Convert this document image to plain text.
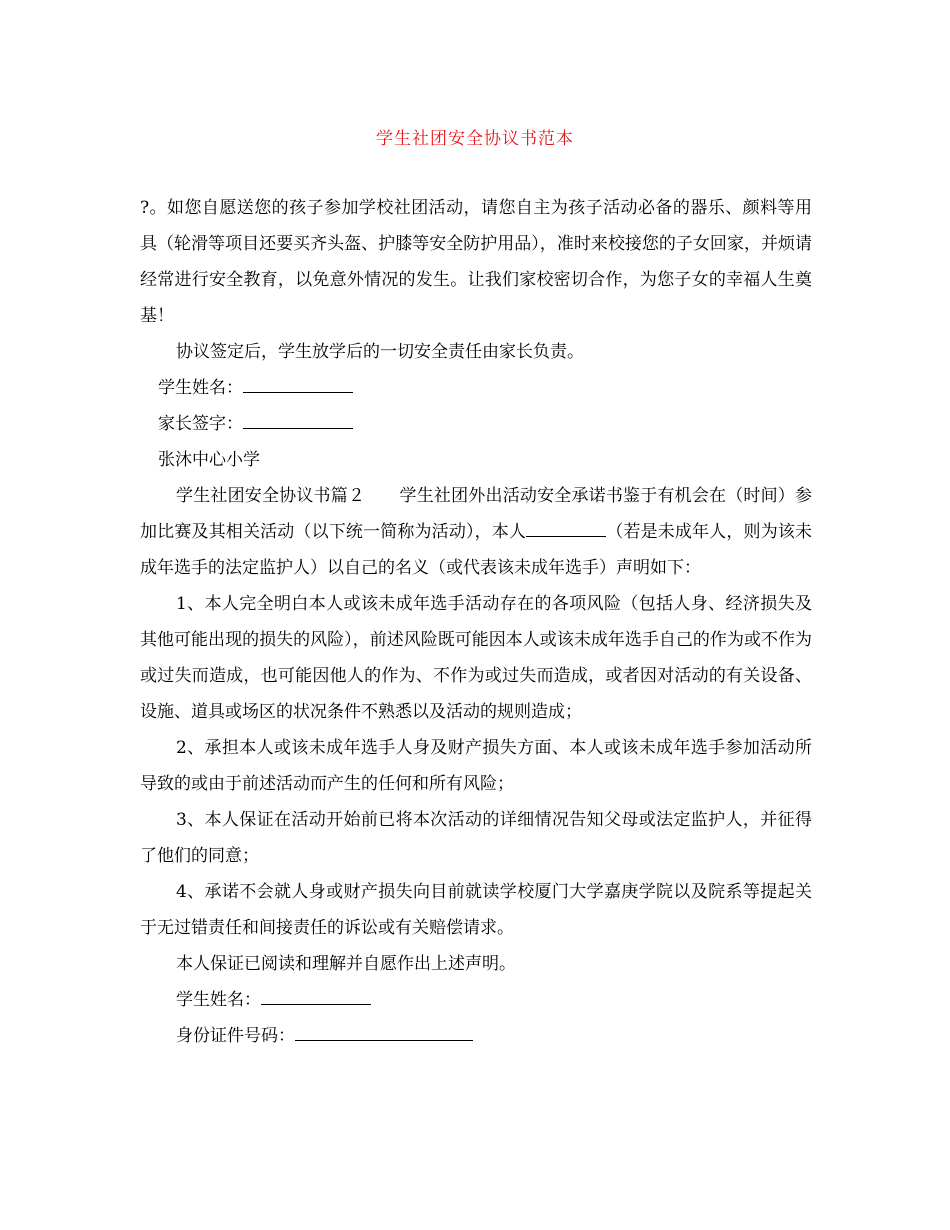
学生社团安全协议书范本

?。如您自愿送您的孩子参加学校社团活动，请您自主为孩子活动必备的器乐、颜料等用具（轮滑等项目还要买齐头盔、护膝等安全防护用品），准时来校接您的子女回家，并烦请经常进行安全教育，以免意外情况的发生。让我们家校密切合作，为您子女的幸福人生奠基！

协议签定后，学生放学后的一切安全责任由家长负责。

学生姓名：

家长签字：

张沐中心小学

学生社团安全协议书篇２　　学生社团外出活动安全承诺书鉴于有机会在（时间）参加比赛及其相关活动（以下统一简称为活动），本人	（若是未成年人，则为该未成年选手的法定监护人）以自己的名义（或代表该未成年选手）声明如下：

1、本人完全明白本人或该未成年选手活动存在的各项风险（包括人身、经济损失及其他可能出现的损失的风险），前述风险既可能因本人或该未成年选手自己的作为或不作为或过失而造成，也可能因他人的作为、不作为或过失而造成，或者因对活动的有关设备、设施、道具或场区的状况条件不熟悉以及活动的规则造成；

2、承担本人或该未成年选手人身及财产损失方面、本人或该未成年选手参加活动所导致的或由于前述活动而产生的任何和所有风险；

3、本人保证在活动开始前已将本次活动的详细情况告知父母或法定监护人，并征得了他们的同意；

4、承诺不会就人身或财产损失向目前就读学校厦门大学嘉庚学院以及院系等提起关于无过错责任和间接责任的诉讼或有关赔偿请求。

本人保证已阅读和理解并自愿作出上述声明。

学生姓名：

身份证件号码：
